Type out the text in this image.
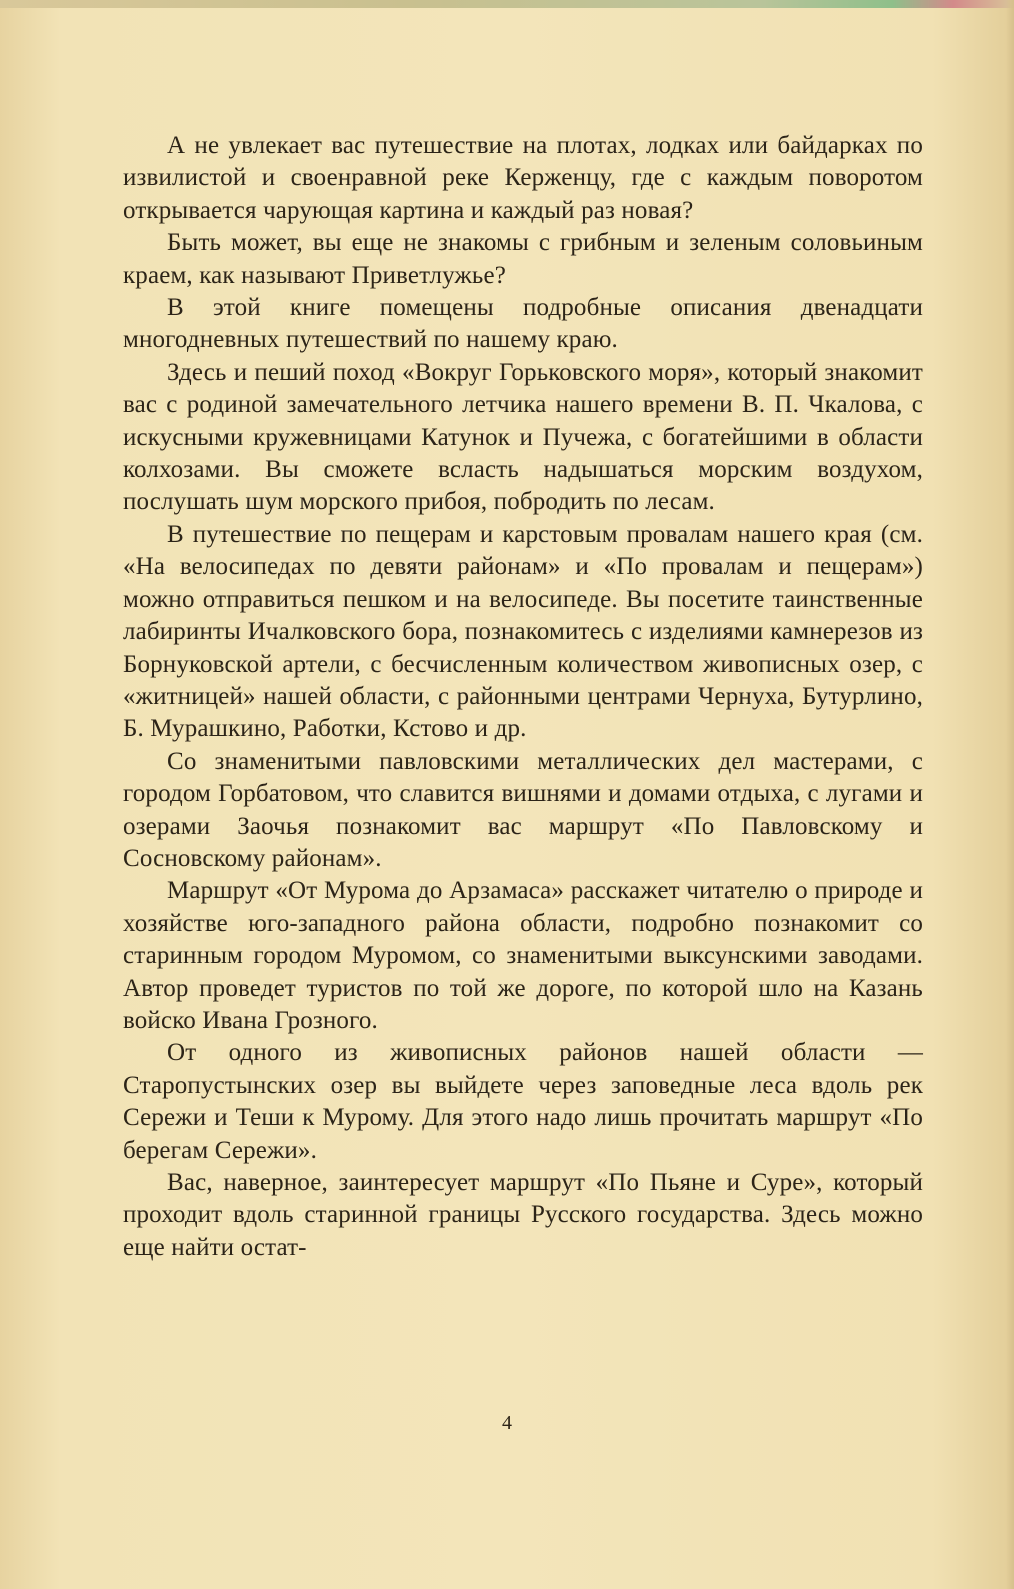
А не увлекает вас путешествие на плотах, лодках или байдарках по извилистой и своенравной реке Керженцу, где с каждым поворотом открывается чарующая картина и каждый раз новая?

Быть может, вы еще не знакомы с грибным и зеленым соловьиным краем, как называют Приветлужье?

В этой книге помещены подробные описания двенадцати многодневных путешествий по нашему краю.

Здесь и пеший поход «Вокруг Горьковского моря», который знакомит вас с родиной замечательного летчика нашего времени В. П. Чкалова, с искусными кружевницами Катунок и Пучежа, с богатейшими в области колхозами. Вы сможете всласть надышаться морским воздухом, послушать шум морского прибоя, побродить по лесам.

В путешествие по пещерам и карстовым провалам нашего края (см. «На велосипедах по девяти районам» и «По провалам и пещерам») можно отправиться пешком и на велосипеде. Вы посетите таинственные лабиринты Ичалковского бора, познакомитесь с изделиями камнерезов из Борнуковской артели, с бесчисленным количеством живописных озер, с «житницей» нашей области, с районными центрами Чернуха, Бутурлино, Б. Мурашкино, Работки, Кстово и др.

Со знаменитыми павловскими металлических дел мастерами, с городом Горбатовом, что славится вишнями и домами отдыха, с лугами и озерами Заочья познакомит вас маршрут «По Павловскому и Сосновскому районам».

Маршрут «От Мурома до Арзамаса» расскажет читателю о природе и хозяйстве юго-западного района области, подробно познакомит со старинным городом Муромом, со знаменитыми выксунскими заводами. Автор проведет туристов по той же дороге, по которой шло на Казань войско Ивана Грозного.

От одного из живописных районов нашей области — Старопустынских озер вы выйдете через заповедные леса вдоль рек Сережи и Теши к Мурому. Для этого надо лишь прочитать маршрут «По берегам Сережи».

Вас, наверное, заинтересует маршрут «По Пьяне и Суре», который проходит вдоль старинной границы Русского государства. Здесь можно еще найти остат-

4
